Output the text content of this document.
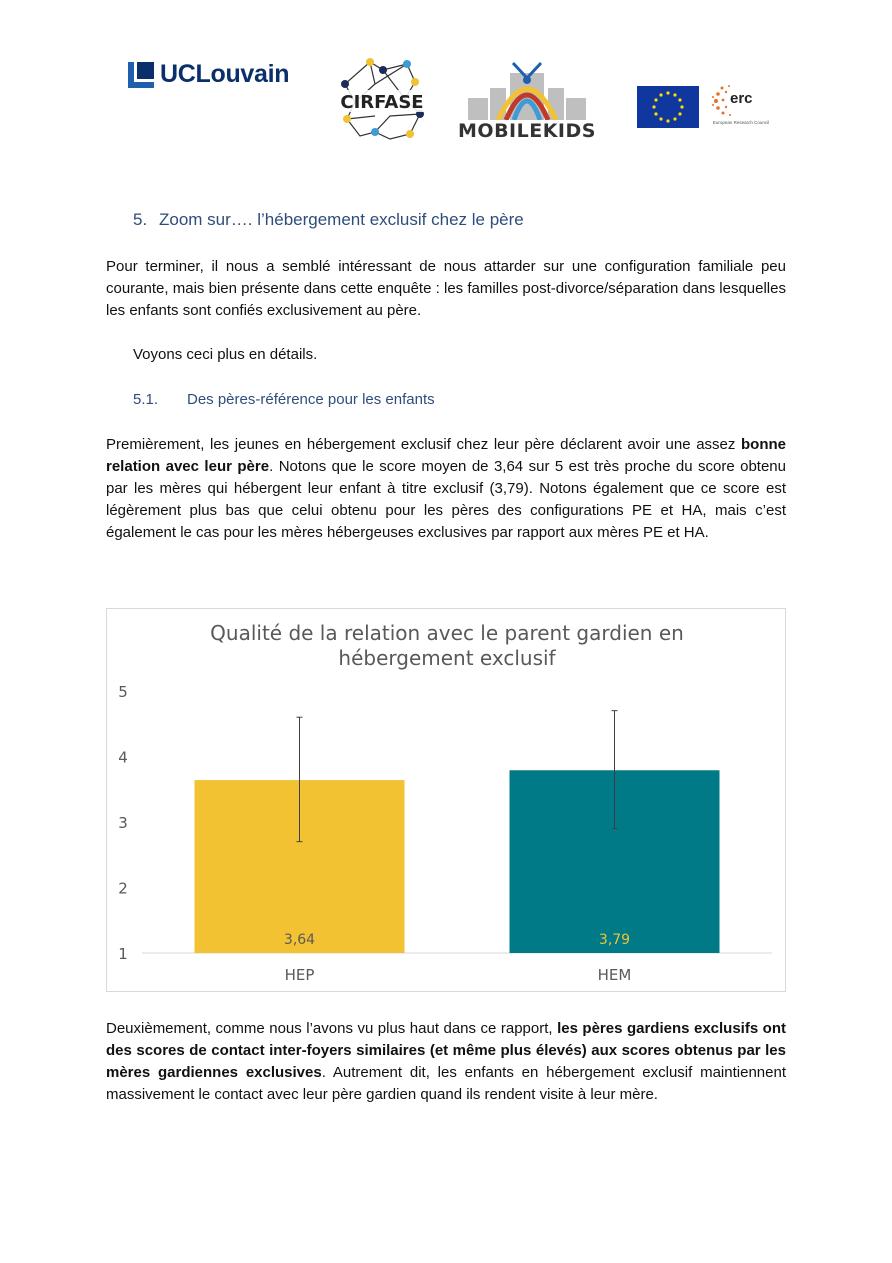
UCLouvain
CIRFASE
MOBILEKIDS
erc
European Research Council
5. Zoom sur…. l’hébergement exclusif chez le père

Pour terminer, il nous a semblé intéressant de nous attarder sur une configuration familiale peu courante, mais bien présente dans cette enquête : les familles post-divorce/séparation dans lesquelles les enfants sont confiés exclusivement au père.

Voyons ceci plus en détails.

5.1. Des pères-référence pour les enfants

Premièrement, les jeunes en hébergement exclusif chez leur père déclarent avoir une assez bonne relation avec leur père. Notons que le score moyen de 3,64 sur 5 est très proche du score obtenu par les mères qui hébergent leur enfant à titre exclusif (3,79). Notons également que ce score est légèrement plus bas que celui obtenu pour les pères des configurations PE et HA, mais c’est également le cas pour les mères hébergeuses exclusives par rapport aux mères PE et HA.

Qualité de la relation avec le parent gardien en
hébergement exclusif
1
2
3
4
5
3,64
HEP
3,79
HEM

Deuxièmement, comme nous l’avons vu plus haut dans ce rapport, les pères gardiens exclusifs ont des scores de contact inter-foyers similaires (et même plus élevés) aux scores obtenus par les mères gardiennes exclusives. Autrement dit, les enfants en hébergement exclusif maintiennent massivement le contact avec leur père gardien quand ils rendent visite à leur mère.
